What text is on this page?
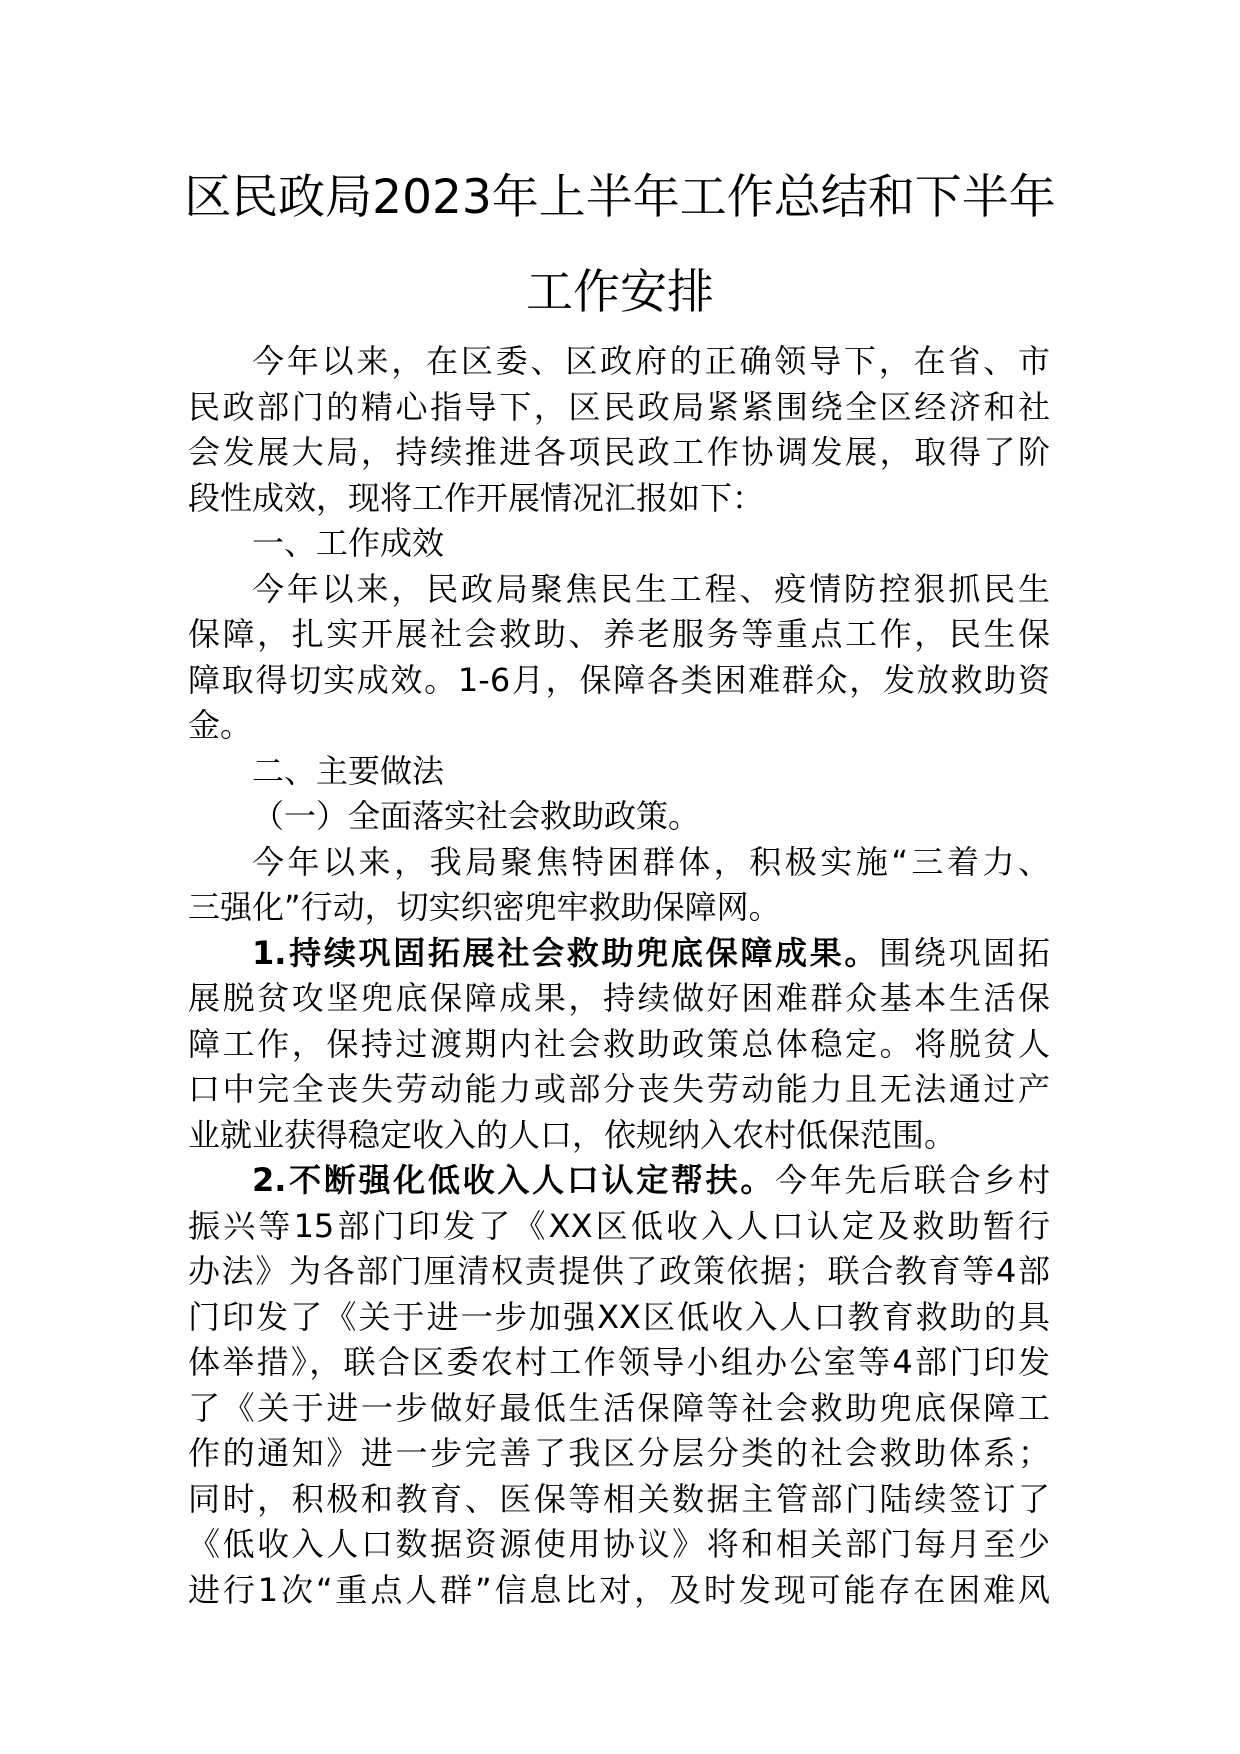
区民政局2023年上半年工作总结和下半年
工作安排
今年以来，在区委、区政府的正确领导下，在省、市
民政部门的精心指导下，区民政局紧紧围绕全区经济和社
会发展大局，持续推进各项民政工作协调发展，取得了阶
段性成效，现将工作开展情况汇报如下：
一、工作成效
今年以来，民政局聚焦民生工程、疫情防控狠抓民生
保障，扎实开展社会救助、养老服务等重点工作，民生保
障取得切实成效。1-6月，保障各类困难群众，发放救助资
金。
二、主要做法
（一）全面落实社会救助政策。
今年以来，我局聚焦特困群体，积极实施“三着力、
三强化”行动，切实织密兜牢救助保障网。
1.持续巩固拓展社会救助兜底保障成果。围绕巩固拓
展脱贫攻坚兜底保障成果，持续做好困难群众基本生活保
障工作，保持过渡期内社会救助政策总体稳定。将脱贫人
口中完全丧失劳动能力或部分丧失劳动能力且无法通过产
业就业获得稳定收入的人口，依规纳入农村低保范围。
2.不断强化低收入人口认定帮扶。今年先后联合乡村
振兴等15部门印发了《XX区低收入人口认定及救助暂行
办法》为各部门厘清权责提供了政策依据；联合教育等4部
门印发了《关于进一步加强XX区低收入人口教育救助的具
体举措》，联合区委农村工作领导小组办公室等4部门印发
了《关于进一步做好最低生活保障等社会救助兜底保障工
作的通知》进一步完善了我区分层分类的社会救助体系；
同时，积极和教育、医保等相关数据主管部门陆续签订了
《低收入人口数据资源使用协议》将和相关部门每月至少
进行1次“重点人群”信息比对，及时发现可能存在困难风
